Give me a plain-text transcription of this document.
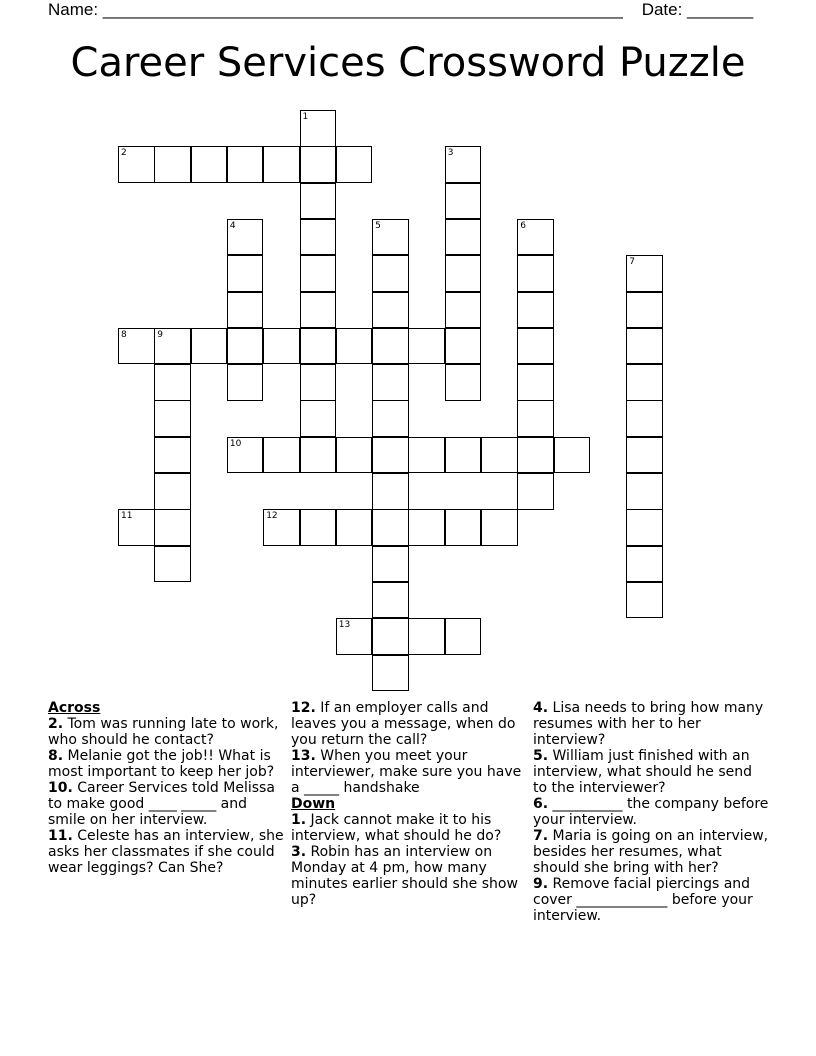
Name: _______________________________________________________ Date: _______
Career Services Crossword Puzzle
1
2	3
4	5	6
7
8	9
10
11	12
13
Across
2. Tom was running late to work, who should he contact?
8. Melanie got the job!! What is most important to keep her job?
10. Career Services told Melissa to make good ____ _____ and smile on her interview.
11. Celeste has an interview, she asks her classmates if she could wear leggings? Can She?
12. If an employer calls and leaves you a message, when do you return the call?
13. When you meet your interviewer, make sure you have a _____ handshake
Down
1. Jack cannot make it to his interview, what should he do?
3. Robin has an interview on Monday at 4 pm, how many minutes earlier should she show up?
4. Lisa needs to bring how many resumes with her to her interview?
5. William just finished with an interview, what should he send to the interviewer?
6. __________ the company before your interview.
7. Maria is going on an interview, besides her resumes, what should she bring with her?
9. Remove facial piercings and cover _____________ before your interview.
